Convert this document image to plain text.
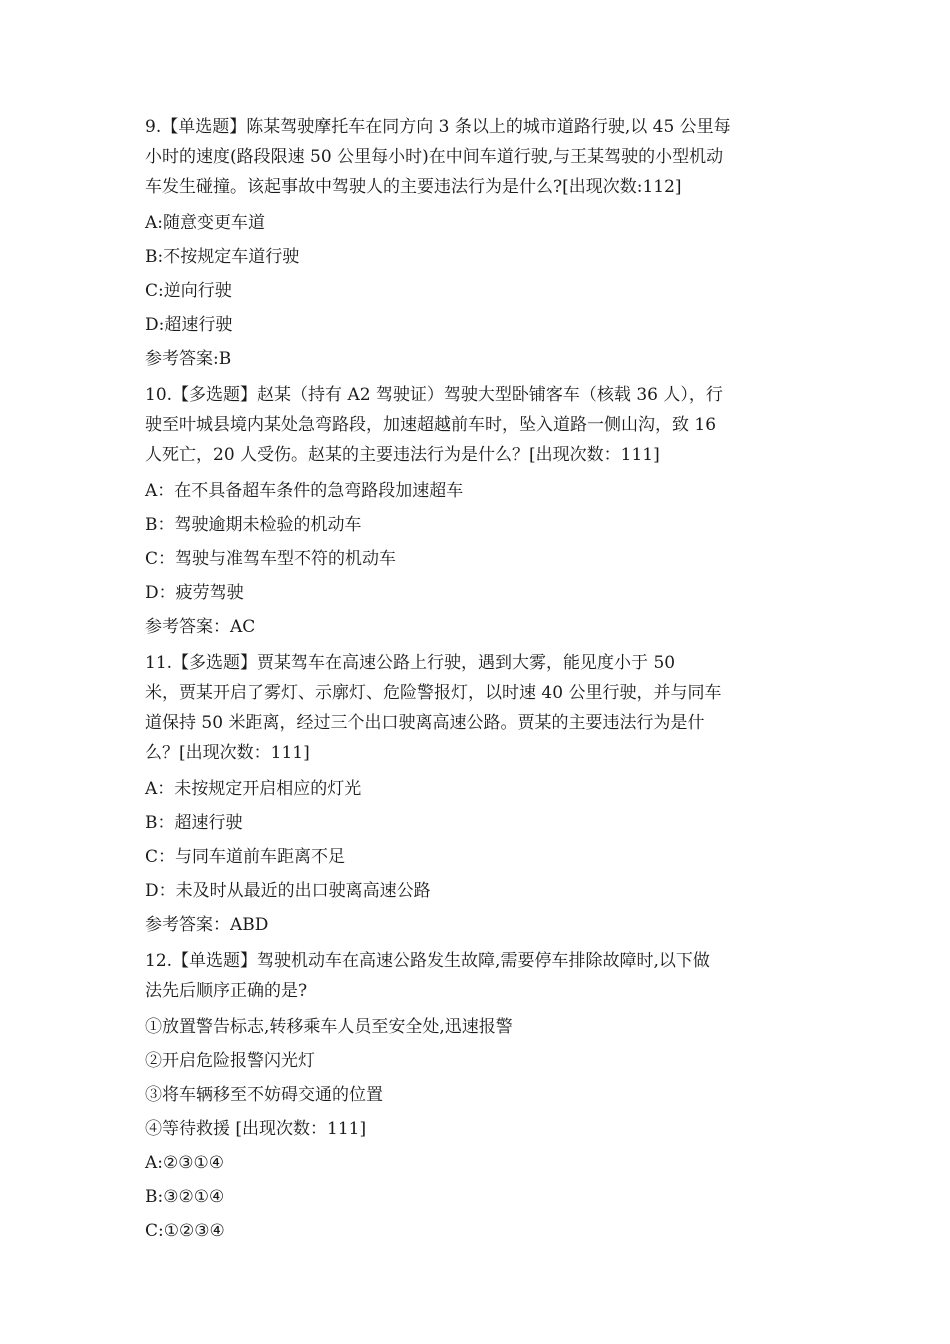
9.【单选题】陈某驾驶摩托车在同方向 3 条以上的城市道路行驶,以 45 公里每
小时的速度(路段限速 50 公里每小时)在中间车道行驶,与王某驾驶的小型机动
车发生碰撞。该起事故中驾驶人的主要违法行为是什么?[出现次数:112]
A:随意变更车道
B:不按规定车道行驶
C:逆向行驶
D:超速行驶
参考答案:B
10.【多选题】赵某（持有 A2 驾驶证）驾驶大型卧铺客车（核载 36 人），行
驶至叶城县境内某处急弯路段，加速超越前车时，坠入道路一侧山沟，致 16
人死亡，20 人受伤。赵某的主要违法行为是什么？[出现次数：111]
A：在不具备超车条件的急弯路段加速超车
B：驾驶逾期未检验的机动车
C：驾驶与准驾车型不符的机动车
D：疲劳驾驶
参考答案：AC
11.【多选题】贾某驾车在高速公路上行驶，遇到大雾，能见度小于 50
米，贾某开启了雾灯、示廓灯、危险警报灯，以时速 40 公里行驶，并与同车
道保持 50 米距离，经过三个出口驶离高速公路。贾某的主要违法行为是什
么？[出现次数：111]
A：未按规定开启相应的灯光
B：超速行驶
C：与同车道前车距离不足
D：未及时从最近的出口驶离高速公路
参考答案：ABD
12.【单选题】驾驶机动车在高速公路发生故障,需要停车排除故障时,以下做
法先后顺序正确的是?
①放置警告标志,转移乘车人员至安全处,迅速报警
②开启危险报警闪光灯
③将车辆移至不妨碍交通的位置
④等待救援 [出现次数：111]
A:②③①④
B:③②①④
C:①②③④
